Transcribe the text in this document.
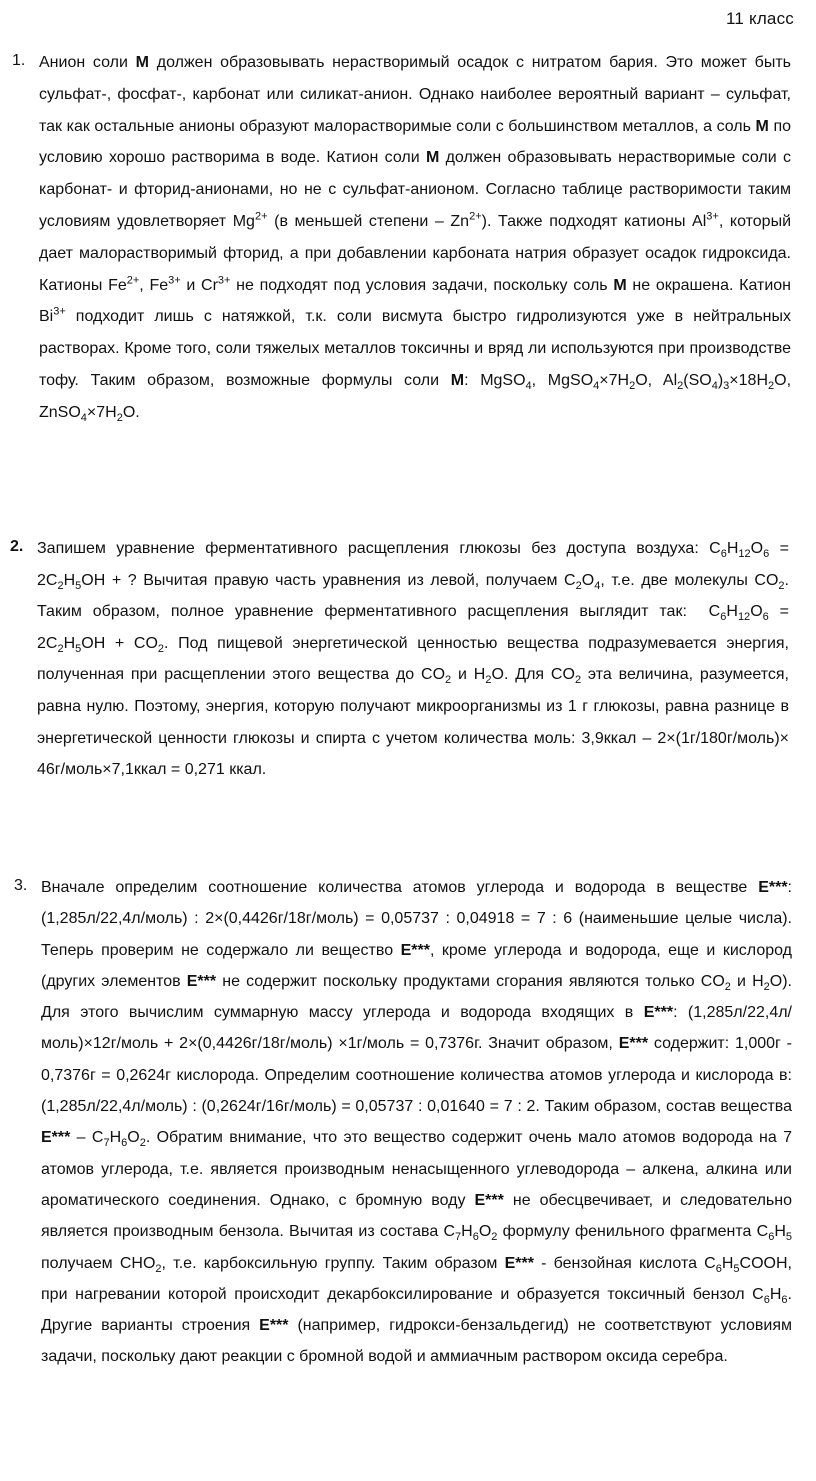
11 класс
1. Анион соли M должен образовывать нерастворимый осадок с нитратом бария. Это может быть сульфат-, фосфат-, карбонат или силикат-анион. Однако наиболее вероятный вариант – сульфат, так как остальные анионы образуют малорастворимые соли с большинством металлов, а соль M по условию хорошо растворима в воде. Катион соли M должен образовывать нерастворимые соли с карбонат- и фторид-анионами, но не с сульфат-анионом. Согласно таблице растворимости таким условиям удовлетворяет $Mg^{2+}$ (в меньшей степени – $Zn^{2+}$). Также подходят катионы $Al^{3+}$, который дает малорастворимый фторид, а при добавлении карбоната натрия образует осадок гидроксида. Катионы $Fe^{2+}$, $Fe^{3+}$ и $Cr^{3+}$ не подходят под условия задачи, поскольку соль M не окрашена. Катион $Bi^{3+}$ подходит лишь с натяжкой, т.к. соли висмута быстро гидролизуются уже в нейтральных растворах. Кроме того, соли тяжелых металлов токсичны и вряд ли используются при производстве тофу. Таким образом, возможные формулы соли M: MgSO$_4$, $MgSO_4\times 7H_2O$, $Al_2(SO_4)_3\times 18H_2O$, $ZnSO_4\times 7H_2O$.

2. Запишем уравнение ферментативного расщепления глюкозы без доступа воздуха: $C_6H_{12}O_6 = 2C_2H_5OH$ + ? Вычитая правую часть уравнения из левой, получаем $C_2O_4$, т.е. две молекулы $CO_2$. Таким образом, полное уравнение ферментативного расщепления выглядит так:  $C_6H_{12}O_6 = 2C_2H_5OH + CO_2$. Под пищевой энергетической ценностью вещества подразумевается энергия, полученная при расщеплении этого вещества до $CO_2$ и $H_2O$. Для $CO_2$ эта величина, разумеется, равна нулю. Поэтому, энергия, которую получают микроорганизмы из 1 г глюкозы, равна разнице в энергетической ценности глюкозы и спирта с учетом количества моль: 3,9ккал – 2×(1г/180г/моль)× 46г/моль×7,1ккал = 0,271 ккал.

3. Вначале определим соотношение количества атомов углерода и водорода в веществе E***: (1,285л/22,4л/моль) : 2×(0,4426г/18г/моль) = 0,05737 : 0,04918 = 7 : 6 (наименьшие целые числа). Теперь проверим не содержало ли вещество E***, кроме углерода и водорода, еще и кислород (других элементов E*** не содержит поскольку продуктами сгорания являются только $CO_2$ и $H_2O$). Для этого вычислим суммарную массу углерода и водорода входящих в E***: (1,285л/22,4л/моль)×12г/моль + 2×(0,4426г/18г/моль) ×1г/моль = 0,7376г. Значит образом, E*** содержит: 1,000г - 0,7376г = 0,2624г кислорода. Определим соотношение количества атомов углерода и кислорода в: (1,285л/22,4л/моль) : (0,2624г/16г/моль) = 0,05737 : 0,01640 = 7 : 2. Таким образом, состав вещества $E*** - C_7H_6O_2$. Обратим внимание, что это вещество содержит очень мало атомов водорода на 7 атомов углерода, т.е. является производным ненасыщенного углеводорода – алкена, алкина или ароматического соединения. Однако, с бромную воду E*** не обесцвечивает, и следовательно является производным бензола. Вычитая из состава $C_7H_6O_2$ формулу фенильного фрагмента $C_6H_5$ получаем $CHO_2$, т.е. карбоксильную группу. Таким образом E*** - бензойная кислота $C_6H_5COOH$, при нагревании которой происходит декарбоксилирование и образуется токсичный бензол $C_6H_6$. Другие варианты строения E*** (например, гидрокси-бензальдегид) не соответствуют условиям задачи, поскольку дают реакции с бромной водой и аммиачным раствором оксида серебра.
